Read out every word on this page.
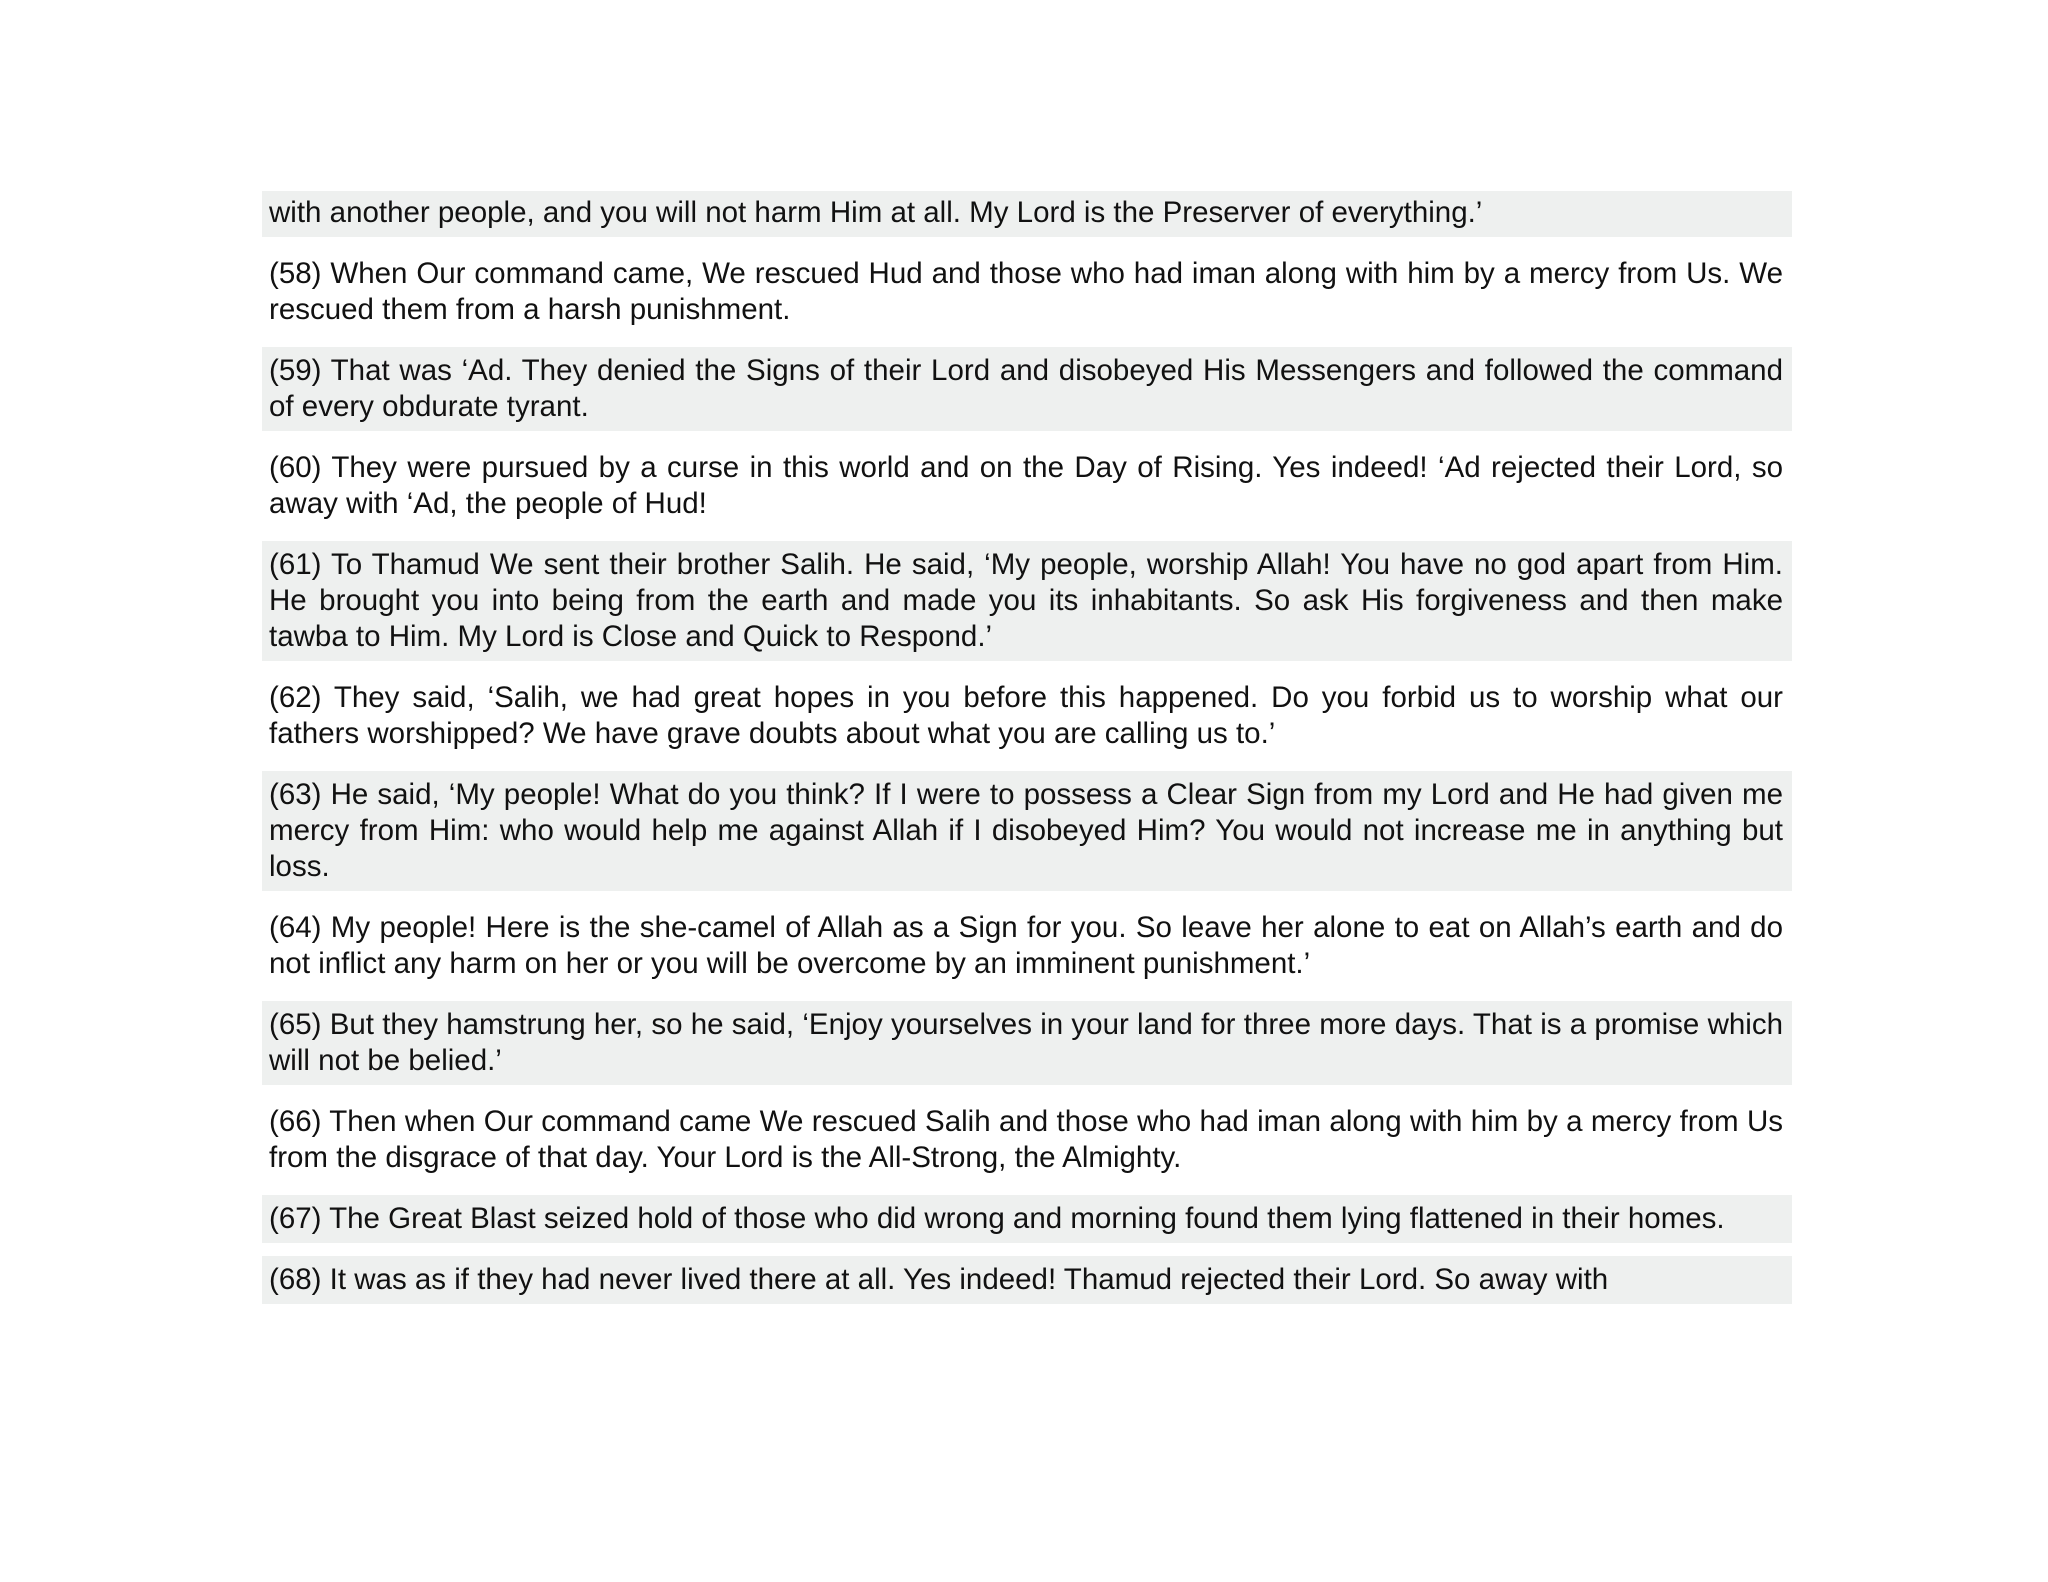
with another people, and you will not harm Him at all. My Lord is the Preserver of everything.’

(58) When Our command came, We rescued Hud and those who had iman along with him by a mercy from Us. We rescued them from a harsh punishment.

(59) That was ‘Ad. They denied the Signs of their Lord and disobeyed His Messengers and followed the command of every obdurate tyrant.

(60) They were pursued by a curse in this world and on the Day of Rising. Yes indeed! ‘Ad rejected their Lord, so away with ‘Ad, the people of Hud!

(61) To Thamud We sent their brother Salih. He said, ‘My people, worship Allah! You have no god apart from Him. He brought you into being from the earth and made you its inhabitants. So ask His forgiveness and then make tawba to Him. My Lord is Close and Quick to Respond.’

(62) They said, ‘Salih, we had great hopes in you before this happened. Do you forbid us to worship what our fathers worshipped? We have grave doubts about what you are calling us to.’

(63) He said, ‘My people! What do you think? If I were to possess a Clear Sign from my Lord and He had given me mercy from Him: who would help me against Allah if I disobeyed Him? You would not increase me in anything but loss.

(64) My people! Here is the she-camel of Allah as a Sign for you. So leave her alone to eat on Allah’s earth and do not inflict any harm on her or you will be overcome by an imminent punishment.’

(65) But they hamstrung her, so he said, ‘Enjoy yourselves in your land for three more days. That is a promise which will not be belied.’

(66) Then when Our command came We rescued Salih and those who had iman along with him by a mercy from Us from the disgrace of that day. Your Lord is the All-Strong, the Almighty.

(67) The Great Blast seized hold of those who did wrong and morning found them lying flattened in their homes.

(68) It was as if they had never lived there at all. Yes indeed! Thamud rejected their Lord. So away with
